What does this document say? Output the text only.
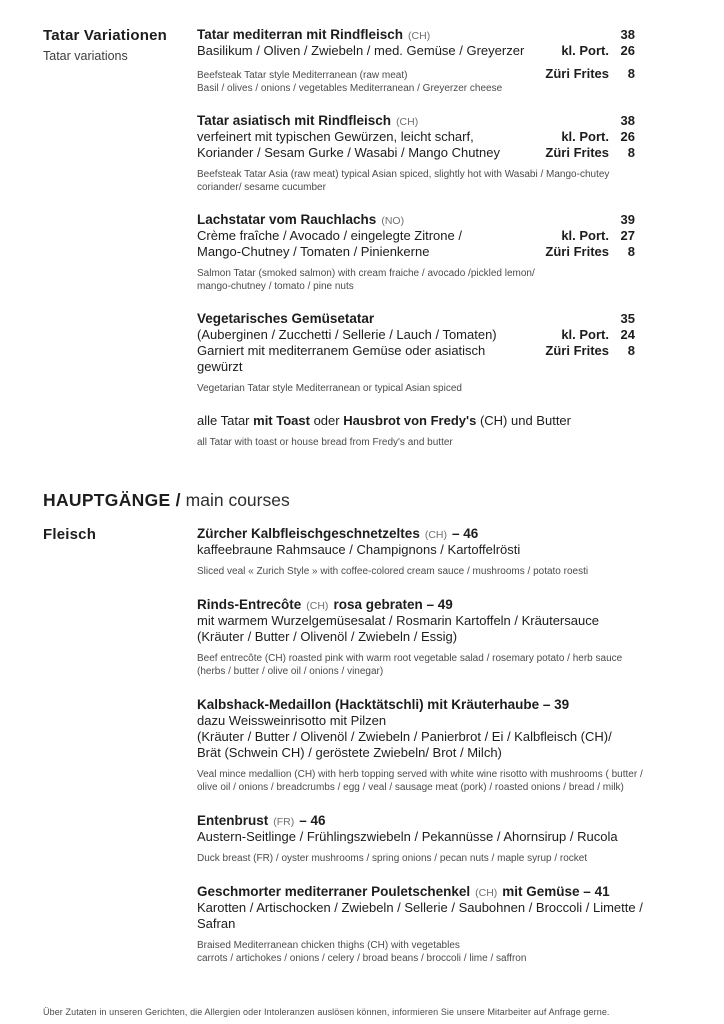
Tatar Variationen
Tatar variations
Tatar mediterran mit Rindfleisch (CH)	38
Basilikum / Oliven / Zwiebeln / med. Gemüse / Greyerzer	kl. Port. 26
Beefsteak Tatar style Mediterranean (raw meat)	Züri Frites	8
Basil / olives / onions / vegetables Mediterranean / Greyerzer cheese
Tatar asiatisch mit Rindfleisch (CH)	38
verfeinert mit typischen Gewürzen, leicht scharf,	kl. Port. 26
Koriander / Sesam Gurke / Wasabi / Mango Chutney	Züri Frites	8
Beefsteak Tatar Asia (raw meat) typical Asian spiced, slightly hot with Wasabi / Mango-chutey
coriander/ sesame cucumber
Lachstatar vom Rauchlachs (NO)	39
Crème fraîche / Avocado / eingelegte Zitrone /	kl. Port. 27
Mango-Chutney / Tomaten / Pinienkerne	Züri Frites	8
Salmon Tatar (smoked salmon) with cream fraiche / avocado /pickled lemon/
mango-chutney / tomato / pine nuts
Vegetarisches Gemüsetatar	35
(Auberginen / Zucchetti / Sellerie / Lauch / Tomaten)	kl. Port. 24
Garniert mit mediterranem Gemüse oder asiatisch gewürzt
Züri Frites	8
Vegetarian Tatar style Mediterranean or typical Asian spiced
alle Tatar mit Toast oder Hausbrot von Fredy's (CH) und Butter
all Tatar with toast or house bread from Fredy's and butter
HAUPTGÄNGE / main courses
Fleisch	Zürcher Kalbfleischgeschnetzeltes (CH) – 46
kaffeebraune Rahmsauce / Champignons / Kartoffelrösti
Sliced veal « Zurich Style » with coffee-colored cream sauce / mushrooms / potato roesti
Rinds-Entrecôte (CH) rosa gebraten – 49
mit warmem Wurzelgemüsesalat / Rosmarin Kartoffeln / Kräutersauce
(Kräuter / Butter / Olivenöl / Zwiebeln / Essig)
Beef entrecôte (CH) roasted pink with warm root vegetable salad / rosemary potato / herb sauce
(herbs / butter / olive oil / onions / vinegar)
Kalbshack-Medaillon (Hacktätschli) mit Kräuterhaube – 39
dazu Weissweinrisotto mit Pilzen
(Kräuter / Butter / Olivenöl / Zwiebeln / Panierbrot / Ei / Kalbfleisch (CH)/
Brät (Schwein CH) / geröstete Zwiebeln/ Brot / Milch)
Veal mince medallion (CH) with herb topping served with white wine risotto with mushrooms ( butter /
olive oil / onions / breadcrumbs / egg / veal / sausage meat (pork) / roasted onions / bread / milk)
Entenbrust (FR) – 46
Austern-Seitlinge / Frühlingszwiebeln / Pekannüsse / Ahornsirup / Rucola
Duck breast (FR) / oyster mushrooms / spring onions / pecan nuts / maple syrup / rocket
Geschmorter mediterraner Pouletschenkel (CH) mit Gemüse – 41
Karotten / Artischocken / Zwiebeln / Sellerie / Saubohnen / Broccoli / Limette / Safran
Braised Mediterranean chicken thighs (CH) with vegetables
carrots / artichokes / onions / celery / broad beans / broccoli / lime / saffron
Über Zutaten in unseren Gerichten, die Allergien oder Intoleranzen auslösen können, informieren Sie unsere Mitarbeiter auf Anfrage gerne.
